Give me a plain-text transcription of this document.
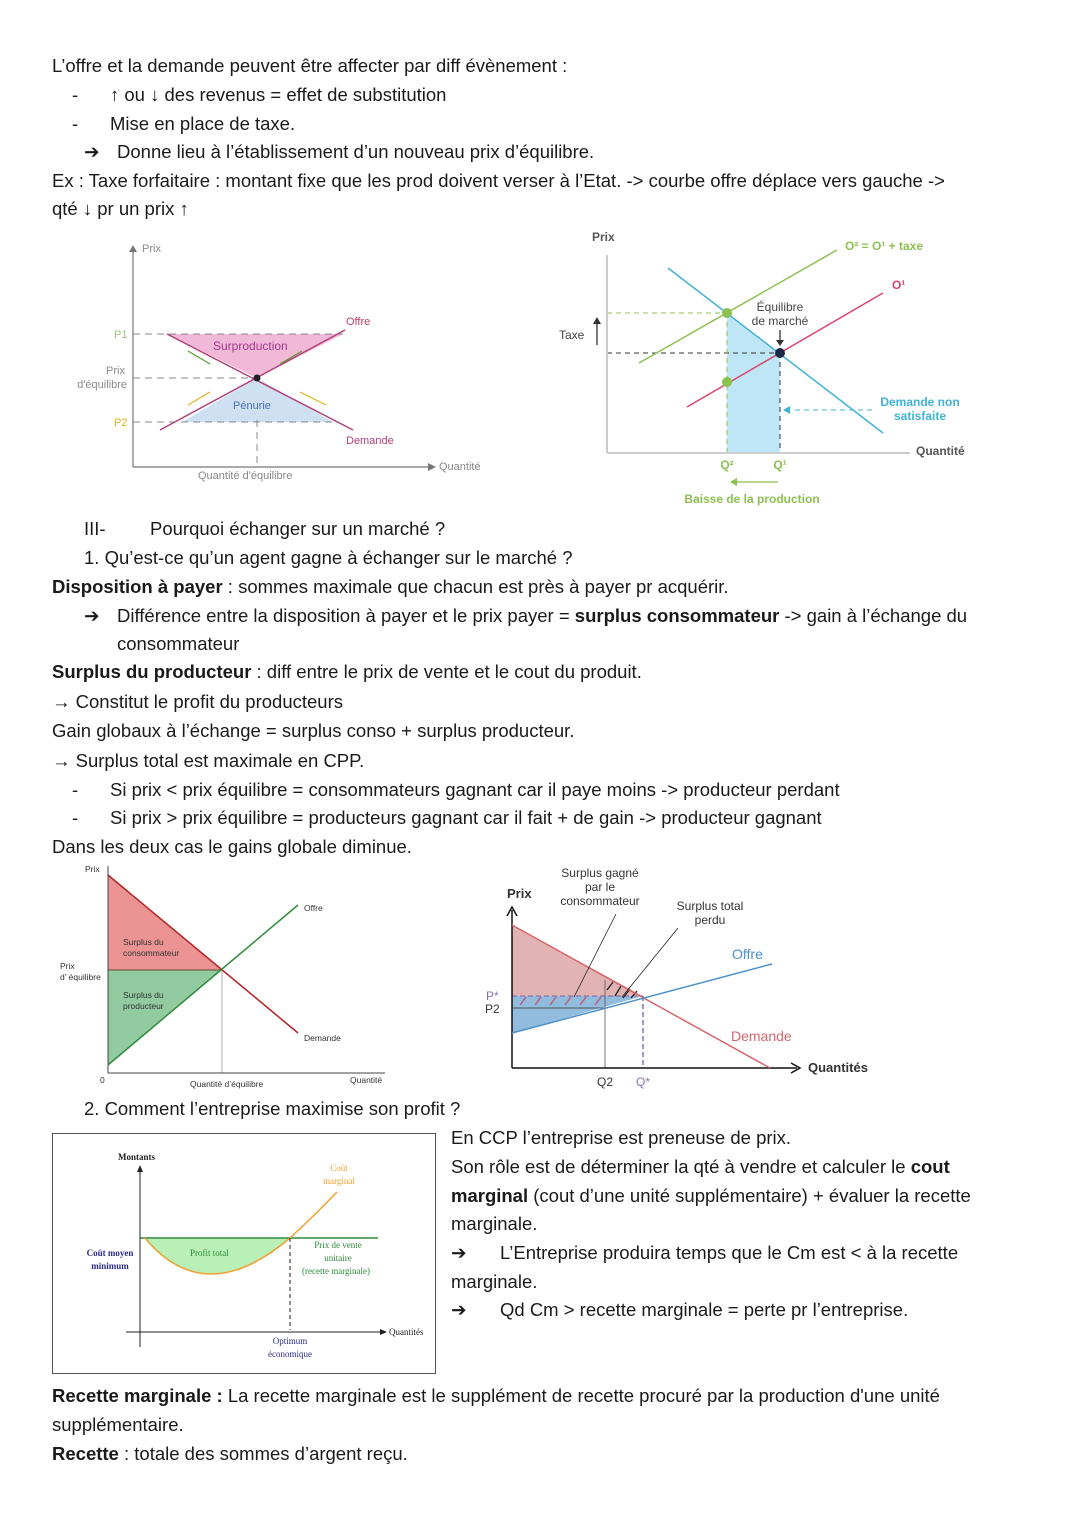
L’offre et la demande peuvent être affecter par diff évènement :
- ↑ ou ↓ des revenus = effet de substitution
- Mise en place de taxe.
➔ Donne lieu à l’établissement d’un nouveau prix d’équilibre.
Ex : Taxe forfaitaire : montant fixe que les prod doivent verser à l’Etat. -> courbe offre déplace vers gauche ->
qté ↓ pr un prix ↑
Prix
Quantité
P1
P2
Prix
d'équilibre
Quantité d'équilibre
Offre
Demande
Surproduction
Pénurie
Prix
Quantité
O² = O¹ + taxe
O¹
Équilibre
de marché
Taxe
Demande non
satisfaite
Q²	Q¹
Baisse de la production
III- Pourquoi échanger sur un marché ?
1. Qu’est-ce qu’un agent gagne à échanger sur le marché ?
Disposition à payer : sommes maximale que chacun est près à payer pr acquérir.
➔ Différence entre la disposition à payer et le prix payer = surplus consommateur -> gain à l’échange du
consommateur
Surplus du producteur : diff entre le prix de vente et le cout du produit.
→ Constitut le profit du producteurs
Gain globaux à l’échange = surplus conso + surplus producteur.
→ Surplus total est maximale en CPP.
- Si prix < prix équilibre = consommateurs gagnant car il paye moins -> producteur perdant
- Si prix > prix équilibre = producteurs gagnant car il fait + de gain -> producteur gagnant
Dans les deux cas le gains globale diminue.
Prix
Quantité
0
Prix
d’ équilibre
Quantité d’équilibre
Offre
Demande
Surplus du
consommateur
Surplus du
producteur
Prix
Quantités
P*
P2
Q2 Q*
Surplus gagné
par le
consommateur	Surplus total
perdu
Offre
Demande
2. Comment l’entreprise maximise son profit ?
En CCP l’entreprise est preneuse de prix.
Son rôle est de déterminer la qté à vendre et calculer le cout
marginal (cout d’une unité supplémentaire) + évaluer la recette
marginale.
➔ L’Entreprise produira temps que le Cm est < à la recette
marginale.
➔ Qd Cm > recette marginale = perte pr l’entreprise.
Montants
Quantités
Coût
marginal
Prix de vente
unitaire
(recette marginale)
Coût moyen
minimum
Profit total
Optimum
économique
Recette marginale : La recette marginale est le supplément de recette procuré par la production d'une unité
supplémentaire.
Recette : totale des sommes d’argent reçu.
